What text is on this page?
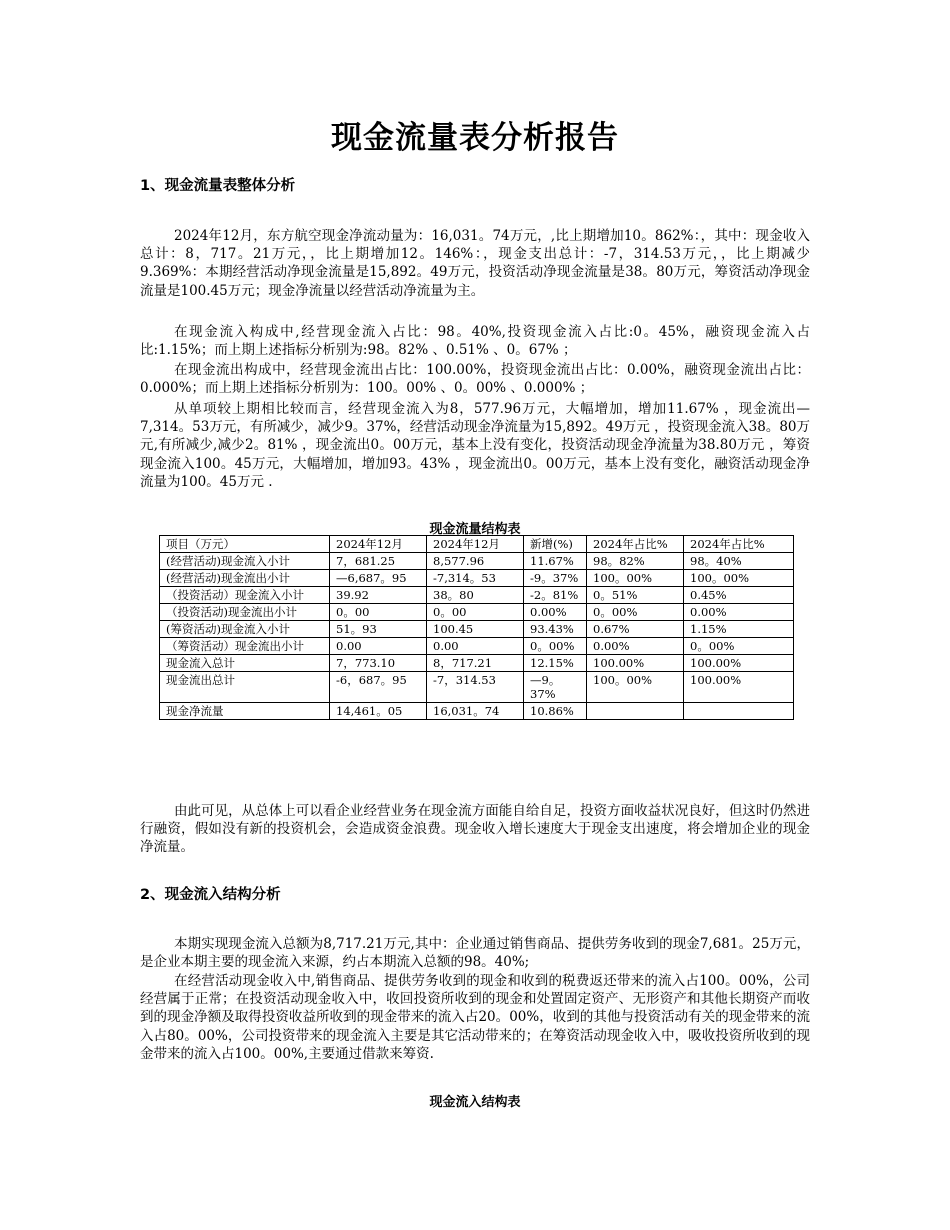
现金流量表分析报告
1、现金流量表整体分析

2024年12月，东方航空现金净流动量为：16,031。74万元，,比上期增加10。862%：，其中：现金收入总计：8，717。21万元，，比上期增加12。146%：，现金支出总计：-7，314.53万元，，比上期减少9.369%：本期经营活动净现金流量是15,892。49万元，投资活动净现金流量是38。80万元，筹资活动净现金流量是100.45万元；现金净流量以经营活动净流量为主。

在现金流入构成中,经营现金流入占比：98。40%,投资现金流入占比:0。45%，融资现金流入占比:1.15%；而上期上述指标分析别为:98。82% 、0.51% 、0。67% ；

在现金流出构成中，经营现金流出占比：100.00%，投资现金流出占比：0.00%，融资现金流出占比：0.000%；而上期上述指标分析别为：100。00% 、0。00% 、0.000% ；

从单项较上期相比较而言，经营现金流入为8，577.96万元，大幅增加，增加11.67% ，现金流出—7,314。53万元，有所减少，减少9。37%，经营活动现金净流量为15,892。49万元 ，投资现金流入38。80万元,有所减少,减少2。81% ，现金流出0。00万元，基本上没有变化，投资活动现金净流量为38.80万元 ，筹资现金流入100。45万元，大幅增加，增加93。43% ，现金流出0。00万元，基本上没有变化，融资活动现金净流量为100。45万元 .

现金流量结构表
项目（万元）	2024年12月	2024年12月	新增(%)	2024年占比%	2024年占比%
(经营活动)现金流入小计	7，681.25	8,577.96	11.67%	98。82%	98。40%
(经营活动)现金流出小计	—6,687。95	-7,314。53	-9。37%	100。00%	100。00%
（投资活动）现金流入小计	39.92	38。80	-2。81%	0。51%	0.45%
（投资活动)现金流出小计	0。00	0。00	0.00%	0。00%	0.00%
(筹资活动)现金流入小计	51。93	100.45	93.43%	0.67%	1.15%
（筹资活动）现金流出小计	0.00	0.00	0。00%	0.00%	0。00%
现金流入总计	7，773.10	8，717.21	12.15%	100.00%	100.00%
现金流出总计	-6，687。95	-7，314.53	—9。37%	100。00%	100.00%
现金净流量	14,461。05	16,031。74	10.86%		

由此可见，从总体上可以看企业经营业务在现金流方面能自给自足，投资方面收益状况良好，但这时仍然进行融资，假如没有新的投资机会，会造成资金浪费。现金收入增长速度大于现金支出速度，将会增加企业的现金净流量。

2、现金流入结构分析

本期实现现金流入总额为8,717.21万元,其中：企业通过销售商品、提供劳务收到的现金7,681。25万元，是企业本期主要的现金流入来源，约占本期流入总额的98。40%;

在经营活动现金收入中,销售商品、提供劳务收到的现金和收到的税费返还带来的流入占100。00%，公司经营属于正常；在投资活动现金收入中，收回投资所收到的现金和处置固定资产、无形资产和其他长期资产而收到的现金净额及取得投资收益所收到的现金带来的流入占20。00%，收到的其他与投资活动有关的现金带来的流入占80。00%，公司投资带来的现金流入主要是其它活动带来的；在筹资活动现金收入中，吸收投资所收到的现金带来的流入占100。00%,主要通过借款来筹资.

现金流入结构表
